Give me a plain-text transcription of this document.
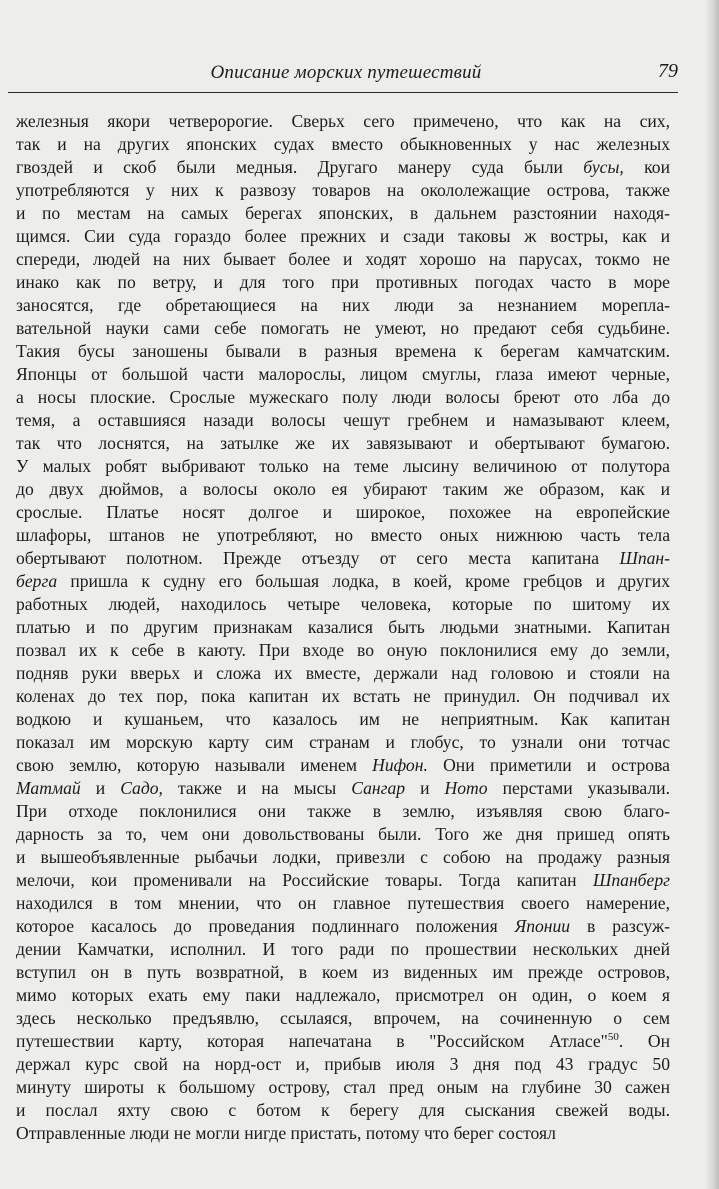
Описание морских путешествий	79
железныя якори четверорогие. Сверьх сего примечено, что как на сих,
так и на других японских судах вместо обыкновенных у нас железных
гвоздей и скоб были медныя. Другаго манеру суда были бусы, кои
употребляются у них к развозу товаров на окололежащие острова, также
и по местам на самых берегах японских, в дальнем разстоянии находя-
щимся. Сии суда гораздо более прежних и сзади таковы ж востры, как и
спереди, людей на них бывает более и ходят хорошо на парусах, токмо не
инако как по ветру, и для того при противных погодах часто в море
заносятся, где обретающиеся на них люди за незнанием мореплa-
вательной науки сами себе помогать не умеют, но предают себя судьбине.
Такия бусы заношены бывали в разныя времена к берегам камчатским.
Японцы от большой части малорослы, лицом смуглы, глаза имеют черные,
а носы плоские. Сpoслые мужескаго полу люди волосы бреют ото лба до
темя, а оставшияся назади волосы чешут гребнем и намазывают клеем,
так что лоснятся, на затылке же их завязывают и обертывают бумагою.
У малых робят выбривают только на теме лысину величиною от полутора
до двух дюймов, а волосы около ея убирают таким же образом, как и
срослые. Платье носят долгое и широкое, похожее на европейские
шлафоры, штанов не употребляют, но вместо оных нижнюю часть тела
обертывают полотном. Прежде отъезду от сего места капитана Шпан-
берга пришла к судну его большая лодка, в коей, кроме гребцов и других
работных людей, находилось четыре человека, которые по шитому их
платью и по другим признакам казалися быть людьми знатными. Капитан
позвал их к себе в каюту. При входе во оную поклонилися ему до земли,
подняв руки вверьх и сложа их вместе, держали над головою и стояли на
коленах до тех пор, пока капитан их встать не принудил. Он подчивал их
водкою и кушаньем, что казалось им не неприятным. Как капитан
показал им морскую карту сим странам и глобус, то узнали они тотчас
свою землю, которую называли именем Нифон. Они приметили и острова
Матмай и Садо, также и на мысы Сангар и Ното перстами указывали.
При отходе поклонилися они также в землю, изъявляя свою благо-
дарность за то, чем они довольствованы были. Того же дня пришед опять
и вышеобъявленные рыбачьи лодки, привезли с собою на продажу разныя
мелочи, кои променивали на Российские товары. Тогда капитан Шпанберг
находился в том мнении, что он главное путешествия своего намерение,
которое касалось до проведания подлиннаго положения Японии в разсуж-
дении Камчатки, исполнил. И того ради по прошествии нескольких дней
вступил он в путь возвратной, в коем из виденных им прежде островов,
мимо которых ехать ему паки надлежало, присмотрел он один, о коем я
здесь несколько предъявлю, ссылаяся, впрочем, на сочиненную о сем
путешествии карту, которая напечатана в "Российском Атласе"$^{50}$. Он
держал курс свой на норд-ост и, прибыв июля 3 дня под 43 градус 50
минуту широты к большому острову, стал пред оным на глубине 30 сажен
и послал яхту свою с ботом к берегу для сыскания свежей воды.
Отправленные люди не могли нигде пристать, потому что берег состоял
